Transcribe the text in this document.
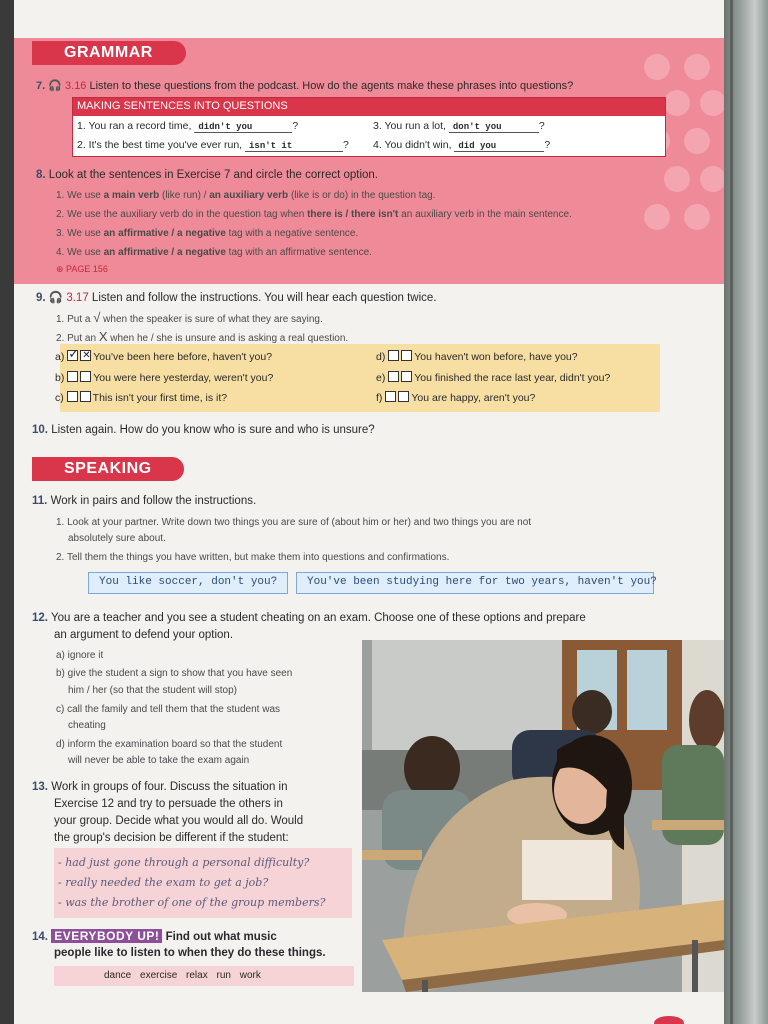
GRAMMAR
7. 🎧 3.16 Listen to these questions from the podcast. How do the agents make these phrases into questions?
MAKING SENTENCES INTO QUESTIONS
1. You ran a record time, didn't you	?	3. You run a lot, don't you	?
2. It's the best time you've ever run, isn't it	? 4. You didn't win, did you	?
8. Look at the sentences in Exercise 7 and circle the correct option.
1. We use a main verb (like run) / an auxiliary verb (like is or do) in the question tag.
2. We use the auxiliary verb do in the question tag when there is / there isn't an auxiliary verb in the main sentence.
3. We use an affirmative / a negative tag with a negative sentence.
4. We use an affirmative / a negative tag with an affirmative sentence.
⊕ PAGE 156
9. 🎧 3.17 Listen and follow the instructions. You will hear each question twice.
1. Put a √ when the speaker is sure of what they are saying.
2. Put an X when he / she is unsure and is asking a real question.
a) ✓ ✕	You've been here before, haven't you?	d)	You haven't won before, have you?
b)	You were here yesterday, weren't you?	e)	You finished the race last year, didn't you?
c)	This isn't your first time, is it?	f)	You are happy, aren't you?
10. Listen again. How do you know who is sure and who is unsure?
SPEAKING
11. Work in pairs and follow the instructions.
1. Look at your partner. Write down two things you are sure of (about him or her) and two things you are not
absolutely sure about.
2. Tell them the things you have written, but make them into questions and confirmations.
You like soccer, don't you?	You've been studying here for two years, haven't you?
12. You are a teacher and you see a student cheating on an exam. Choose one of these options and prepare
an argument to defend your option.
a) ignore it
b) give the student a sign to show that you have seen
him / her (so that the student will stop)
c) call the family and tell them that the student was
cheating
d) inform the examination board so that the student
will never be able to take the exam again
13. Work in groups of four. Discuss the situation in
Exercise 12 and try to persuade the others in
your group. Decide what you would all do. Would
the group's decision be different if the student:
- had just gone through a personal difficulty?
- really needed the exam to get a job?
- was the brother of one of the group members?
14. EVERYBODY UP! Find out what music
people like to listen to when they do these things.
dance exercise relax run work
